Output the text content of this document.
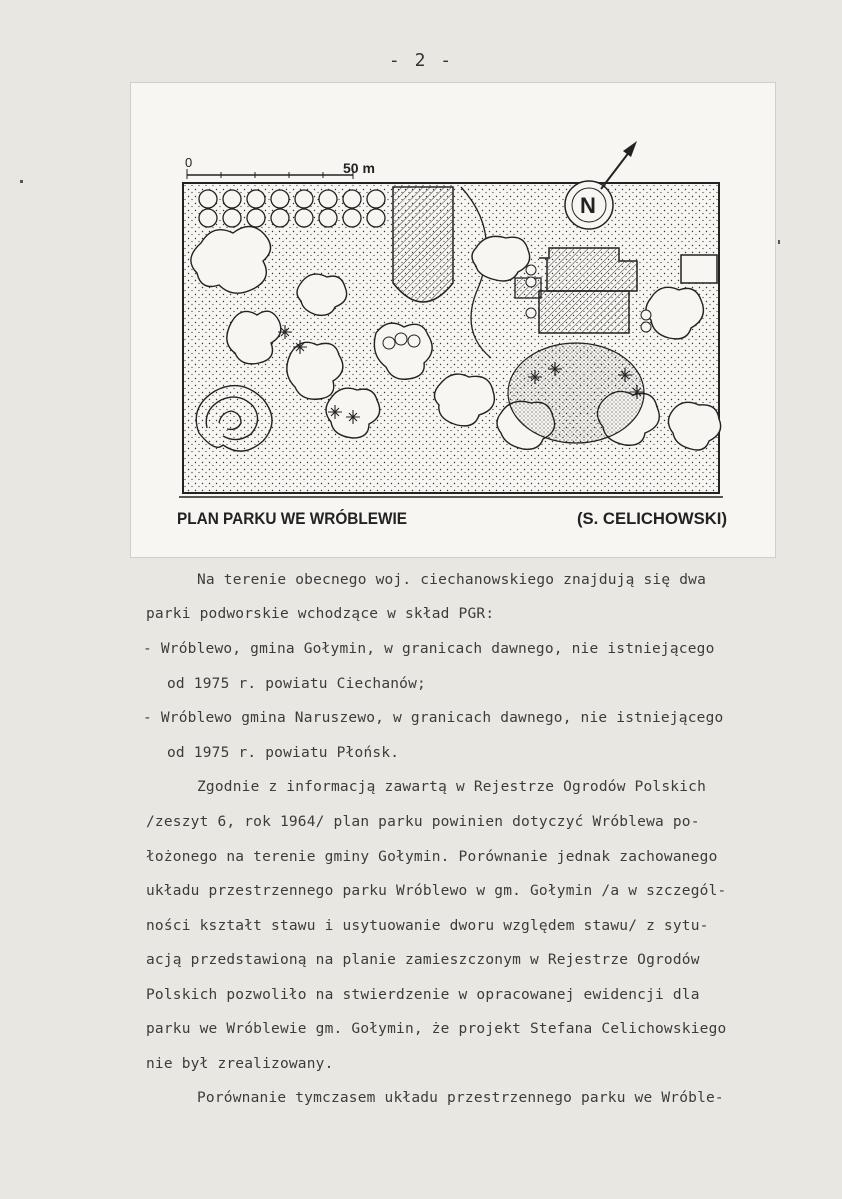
- 2 -
0	50 m
N
PLAN PARKU WE WRÓBLEWIE	(S. CELICHOWSKI)
Na terenie obecnego woj. ciechanowskiego znajdują się dwa
parki podworskie wchodzące w skład PGR:
- Wróblewo, gmina Gołymin, w granicach dawnego, nie istniejącego
od 1975 r. powiatu Ciechanów;
- Wróblewo gmina Naruszewo, w granicach dawnego, nie istniejącego
od 1975 r. powiatu Płońsk.
Zgodnie z informacją zawartą w Rejestrze Ogrodów Polskich
/zeszyt 6, rok 1964/ plan parku powinien dotyczyć Wróblewa po-
łożonego na terenie gminy Gołymin. Porównanie jednak zachowanego
układu przestrzennego parku Wróblewo w gm. Gołymin /a w szczegól-
ności kształt stawu i usytuowanie dworu względem stawu/ z sytu-
acją przedstawioną na planie zamieszczonym w Rejestrze Ogrodów
Polskich pozwoliło na stwierdzenie w opracowanej ewidencji dla
parku we Wróblewie gm. Gołymin, że projekt Stefana Celichowskiego
nie był zrealizowany.
Porównanie tymczasem układu przestrzennego parku we Wróble-
